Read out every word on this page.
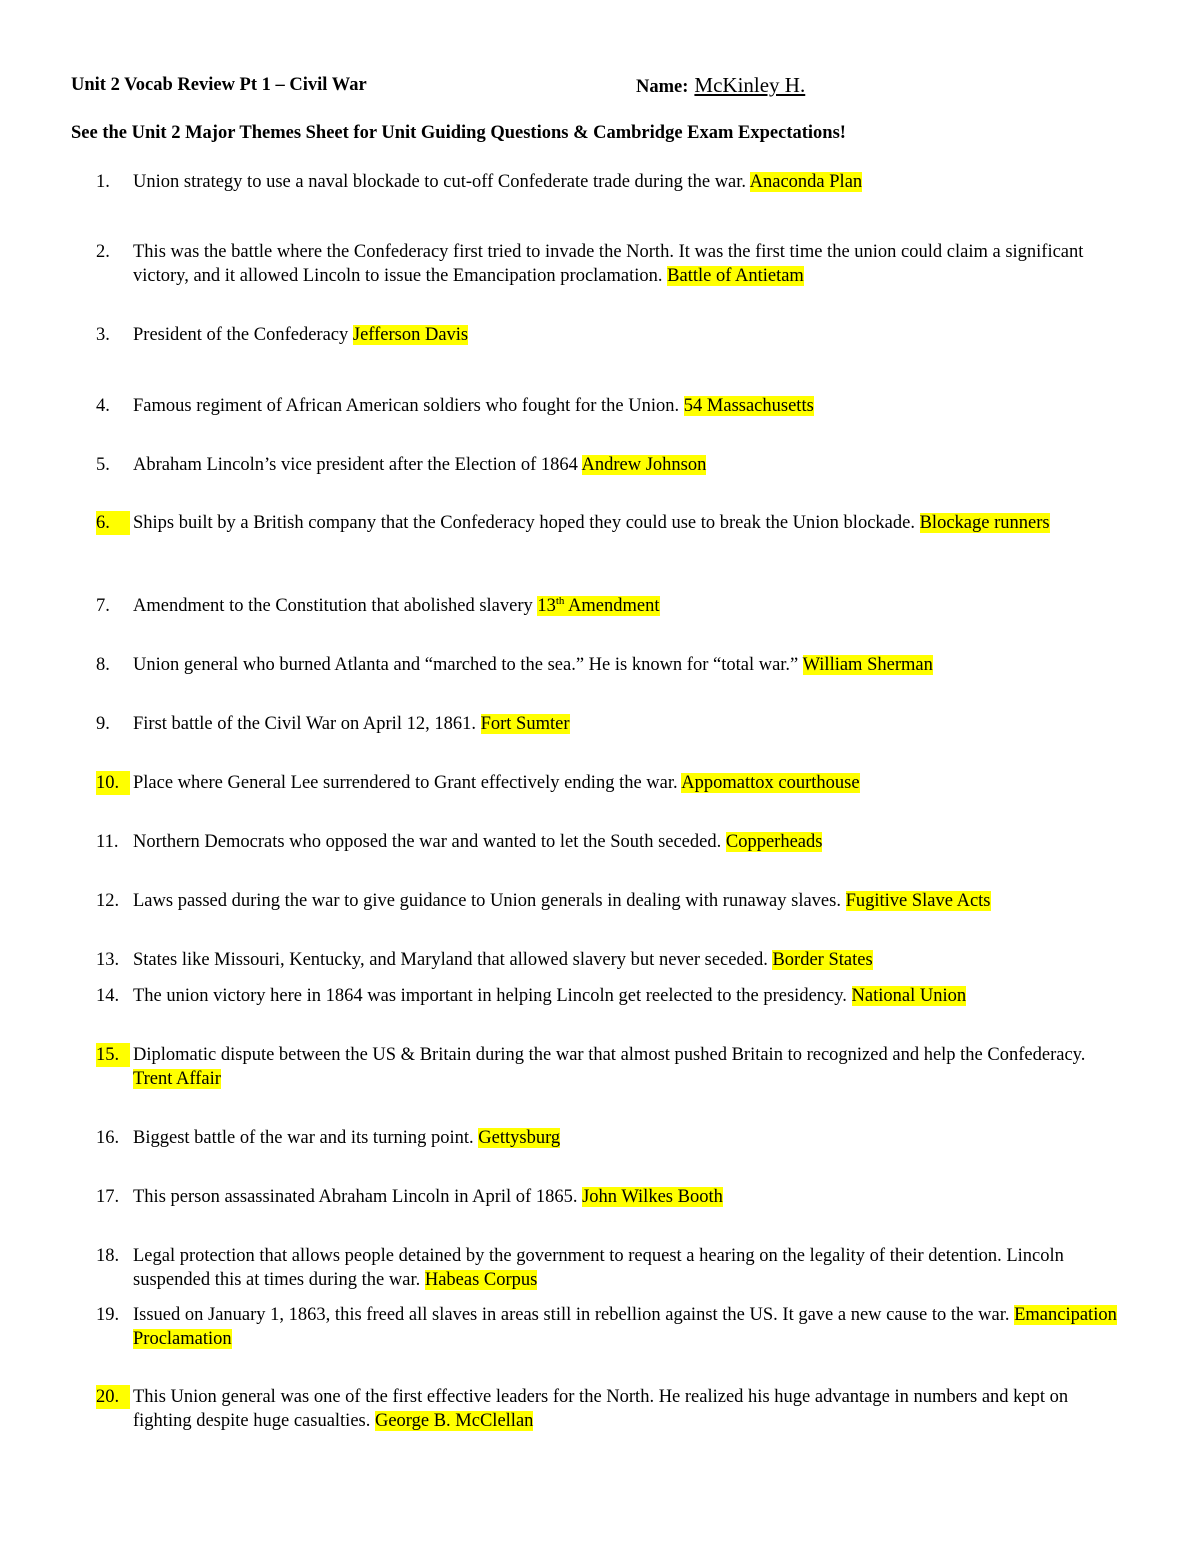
Unit 2 Vocab Review Pt 1 – Civil War	Name: McKinley H.
See the Unit 2 Major Themes Sheet for Unit Guiding Questions & Cambridge Exam Expectations!
1.	Union strategy to use a naval blockade to cut-off Confederate trade during the war. Anaconda Plan
2.	This was the battle where the Confederacy first tried to invade the North. It was the first time the union could claim a significant victory, and it allowed Lincoln to issue the Emancipation proclamation. Battle of Antietam
3.	President of the Confederacy Jefferson Davis
4.	Famous regiment of African American soldiers who fought for the Union. 54 Massachusetts
5.	Abraham Lincoln’s vice president after the Election of 1864 Andrew Johnson
6.	Ships built by a British company that the Confederacy hoped they could use to break the Union blockade. Blockage runners
7.	Amendment to the Constitution that abolished slavery 13th Amendment
8.	Union general who burned Atlanta and “marched to the sea.” He is known for “total war.” William Sherman
9.	First battle of the Civil War on April 12, 1861. Fort Sumter
10. Place where General Lee surrendered to Grant effectively ending the war. Appomattox courthouse
11. Northern Democrats who opposed the war and wanted to let the South seceded. Copperheads
12. Laws passed during the war to give guidance to Union generals in dealing with runaway slaves. Fugitive Slave Acts
13. States like Missouri, Kentucky, and Maryland that allowed slavery but never seceded. Border States
14. The union victory here in 1864 was important in helping Lincoln get reelected to the presidency. National Union
15. Diplomatic dispute between the US & Britain during the war that almost pushed Britain to recognized and help the Confederacy. Trent Affair
16. Biggest battle of the war and its turning point. Gettysburg
17. This person assassinated Abraham Lincoln in April of 1865. John Wilkes Booth
18. Legal protection that allows people detained by the government to request a hearing on the legality of their detention. Lincoln suspended this at times during the war. Habeas Corpus
19. Issued on January 1, 1863, this freed all slaves in areas still in rebellion against the US. It gave a new cause to the war. Emancipation Proclamation
20. This Union general was one of the first effective leaders for the North. He realized his huge advantage in numbers and kept on fighting despite huge casualties. George B. McClellan
